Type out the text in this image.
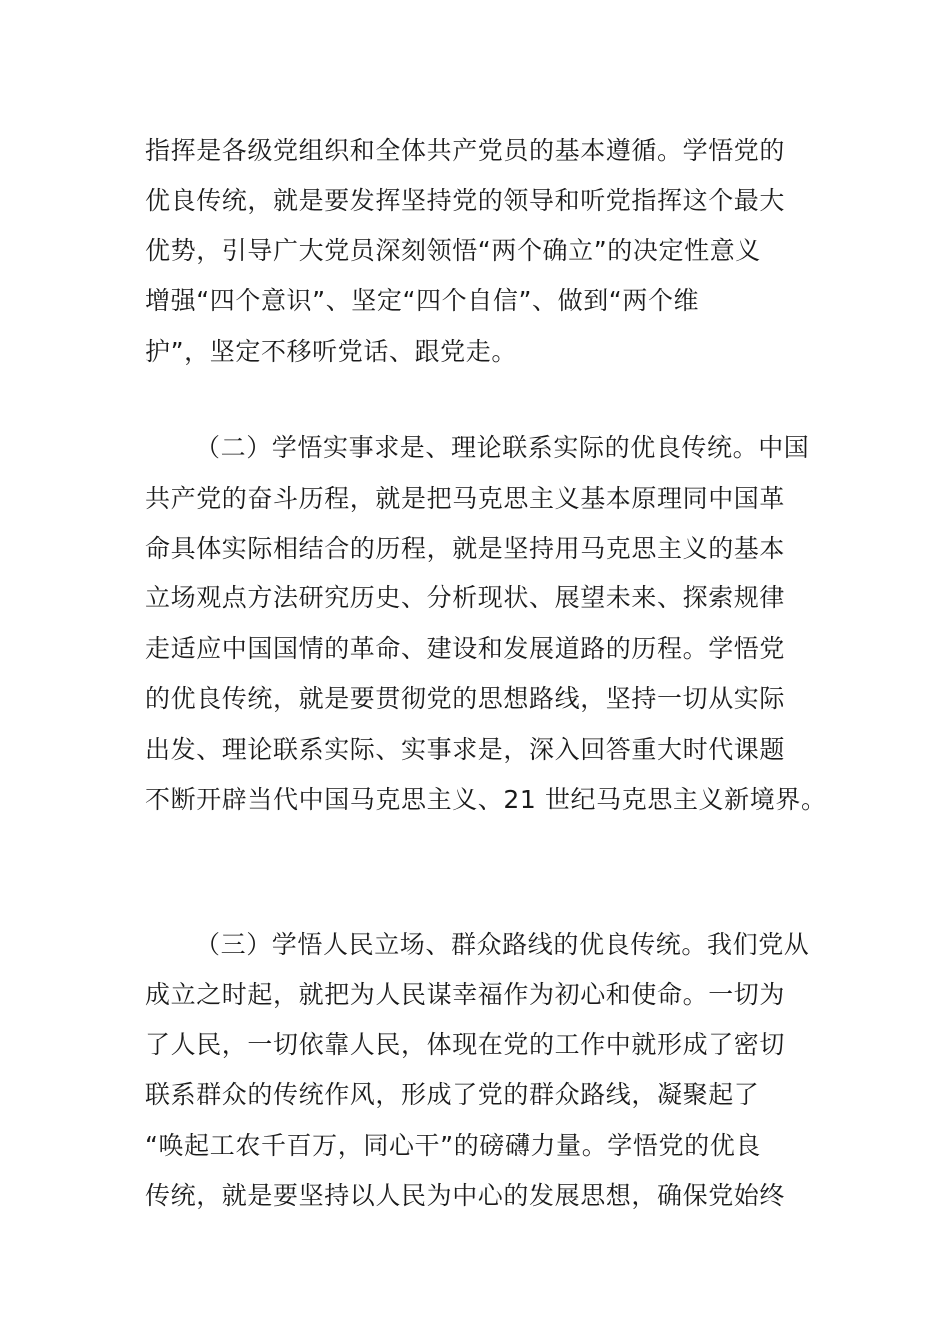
指挥是各级党组织和全体共产党员的基本遵循。学悟党的
优良传统，就是要发挥坚持党的领导和听党指挥这个最大
优势，引导广大党员深刻领悟“两个确立”的决定性意义
增强“四个意识”、坚定“四个自信”、做到“两个维
护”，坚定不移听党话、跟党走。
（二）学悟实事求是、理论联系实际的优良传统。中国
共产党的奋斗历程，就是把马克思主义基本原理同中国革
命具体实际相结合的历程，就是坚持用马克思主义的基本
立场观点方法研究历史、分析现状、展望未来、探索规律
走适应中国国情的革命、建设和发展道路的历程。学悟党
的优良传统，就是要贯彻党的思想路线，坚持一切从实际
出发、理论联系实际、实事求是，深入回答重大时代课题
不断开辟当代中国马克思主义、21 世纪马克思主义新境界。
（三）学悟人民立场、群众路线的优良传统。我们党从
成立之时起，就把为人民谋幸福作为初心和使命。一切为
了人民，一切依靠人民，体现在党的工作中就形成了密切
联系群众的传统作风，形成了党的群众路线，凝聚起了
“唤起工农千百万，同心干”的磅礴力量。学悟党的优良
传统，就是要坚持以人民为中心的发展思想，确保党始终
